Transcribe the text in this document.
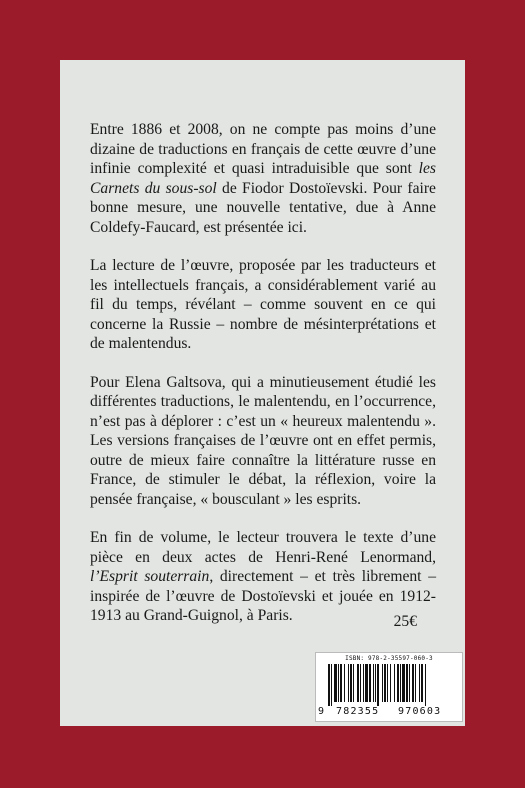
Entre 1886 et 2008, on ne compte pas moins d’une dizaine de traductions en français de cette œuvre d’une infinie complexité et quasi intraduisible que sont les Carnets du sous-sol de Fiodor Dostoïevski. Pour faire bonne mesure, une nouvelle tentative, due à Anne Coldefy-Faucard, est présentée ici.

La lecture de l’œuvre, proposée par les traducteurs et les intellectuels français, a considérablement varié au fil du temps, révélant – comme souvent en ce qui concerne la Russie – nombre de mésinterprétations et de malentendus.

Pour Elena Galtsova, qui a minutieusement étudié les différentes traductions, le malentendu, en l’occurrence, n’est pas à déplorer : c’est un « heureux malentendu ». Les versions françaises de l’œuvre ont en effet permis, outre de mieux faire connaître la littérature russe en France, de stimuler le débat, la réflexion, voire la pensée française, « bousculant » les esprits.

En fin de volume, le lecteur trouvera le texte d’une pièce en deux actes de Henri-René Lenormand, l’Esprit souterrain, directement – et très librement – inspirée de l’œuvre de Dostoïevski et jouée en 1912-1913 au Grand-Guignol, à Paris.	25€
ISBN: 978-2-35597-060-3
9 782355 970603
